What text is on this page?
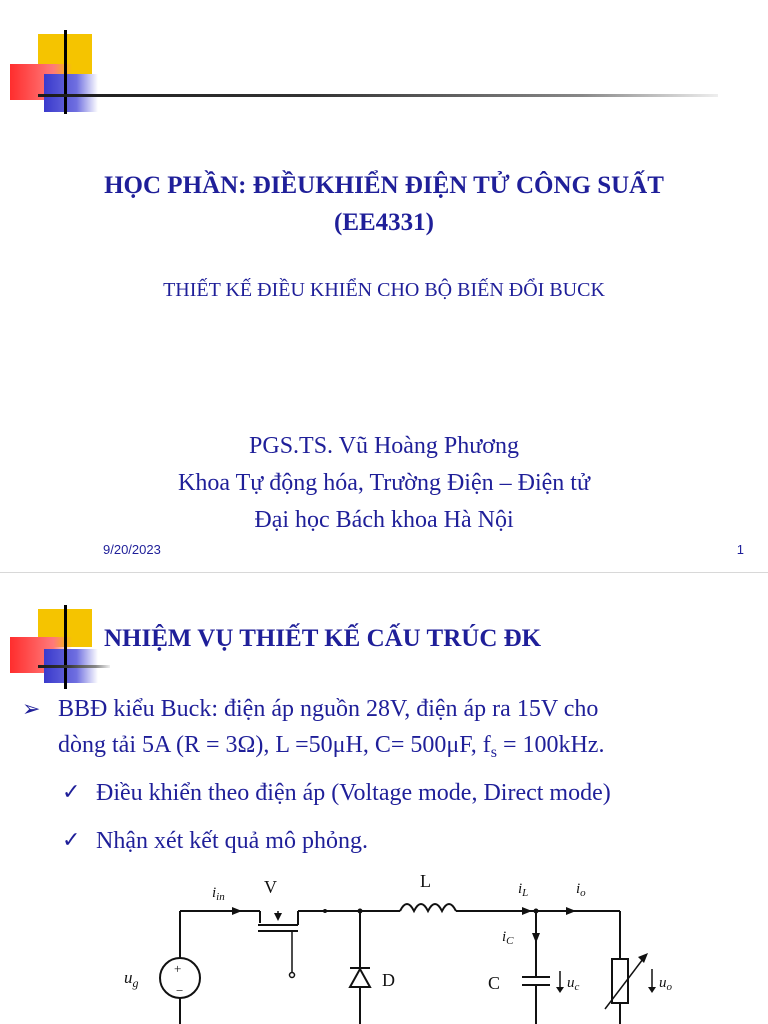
HỌC PHẦN: ĐIỀUKHIỂN ĐIỆN TỬ CÔNG SUẤT
(EE4331)
THIẾT KẾ ĐIỀU KHIỂN CHO BỘ BIẾN ĐỔI BUCK
PGS.TS. Vũ Hoàng Phương
Khoa Tự động hóa, Trường Điện – Điện tử
Đại học Bách khoa Hà Nội
9/20/2023	1
NHIỆM VỤ THIẾT KẾ CẤU TRÚC ĐK
➢ BBĐ kiểu Buck: điện áp nguồn 28V, điện áp ra 15V cho
dòng tải 5A (R = 3Ω), L =50μH, C= 500μF, $f_s = 100kHz$.
✓ Điều khiển theo điện áp (Voltage mode, Direct mode)
✓ Nhận xét kết quả mô phỏng.
$i_{in}$ V
D
L	$i_L$	$i_o$
$i_C$
C	$u_c$	$u_o$
+
−
$u_g$
